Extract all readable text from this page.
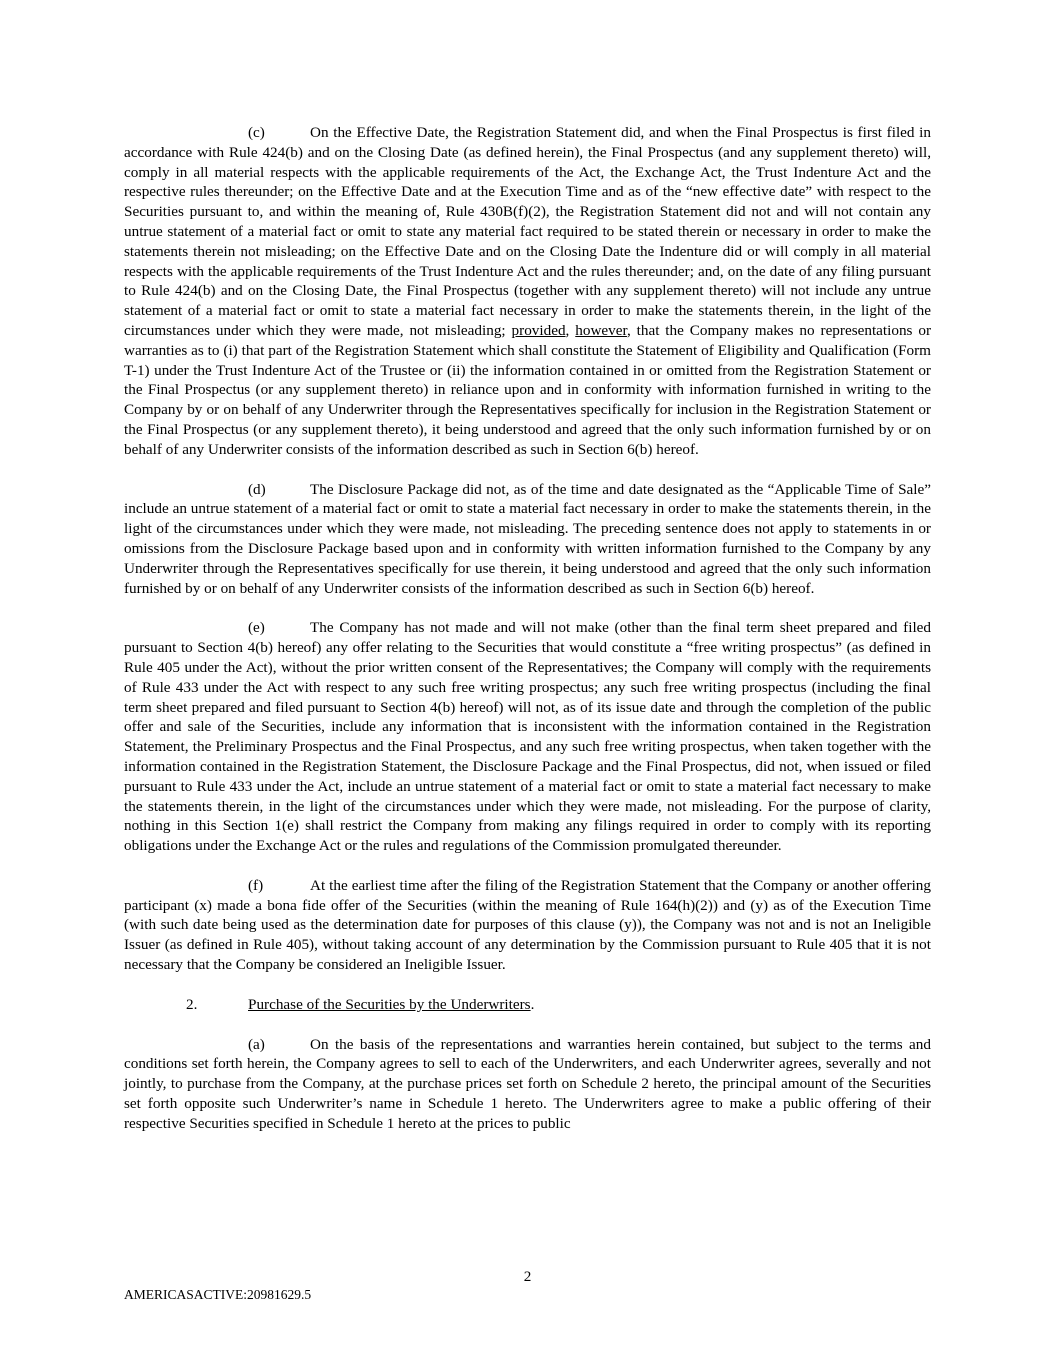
(c)	On the Effective Date, the Registration Statement did, and when the Final Prospectus is first filed in accordance with Rule 424(b) and on the Closing Date (as defined herein), the Final Prospectus (and any supplement thereto) will, comply in all material respects with the applicable requirements of the Act, the Exchange Act, the Trust Indenture Act and the respective rules thereunder; on the Effective Date and at the Execution Time and as of the “new effective date” with respect to the Securities pursuant to, and within the meaning of, Rule 430B(f)(2), the Registration Statement did not and will not contain any untrue statement of a material fact or omit to state any material fact required to be stated therein or necessary in order to make the statements therein not misleading; on the Effective Date and on the Closing Date the Indenture did or will comply in all material respects with the applicable requirements of the Trust Indenture Act and the rules thereunder; and, on the date of any filing pursuant to Rule 424(b) and on the Closing Date, the Final Prospectus (together with any supplement thereto) will not include any untrue statement of a material fact or omit to state a material fact necessary in order to make the statements therein, in the light of the circumstances under which they were made, not misleading; provided, however, that the Company makes no representations or warranties as to (i) that part of the Registration Statement which shall constitute the Statement of Eligibility and Qualification (Form T-1) under the Trust Indenture Act of the Trustee or (ii) the information contained in or omitted from the Registration Statement or the Final Prospectus (or any supplement thereto) in reliance upon and in conformity with information furnished in writing to the Company by or on behalf of any Underwriter through the Representatives specifically for inclusion in the Registration Statement or the Final Prospectus (or any supplement thereto), it being understood and agreed that the only such information furnished by or on behalf of any Underwriter consists of the information described as such in Section 6(b) hereof.

(d)	The Disclosure Package did not, as of the time and date designated as the “Applicable Time of Sale” include an untrue statement of a material fact or omit to state a material fact necessary in order to make the statements therein, in the light of the circumstances under which they were made, not misleading. The preceding sentence does not apply to statements in or omissions from the Disclosure Package based upon and in conformity with written information furnished to the Company by any Underwriter through the Representatives specifically for use therein, it being understood and agreed that the only such information furnished by or on behalf of any Underwriter consists of the information described as such in Section 6(b) hereof.

(e)	The Company has not made and will not make (other than the final term sheet prepared and filed pursuant to Section 4(b) hereof) any offer relating to the Securities that would constitute a “free writing prospectus” (as defined in Rule 405 under the Act), without the prior written consent of the Representatives; the Company will comply with the requirements of Rule 433 under the Act with respect to any such free writing prospectus; any such free writing prospectus (including the final term sheet prepared and filed pursuant to Section 4(b) hereof) will not, as of its issue date and through the completion of the public offer and sale of the Securities, include any information that is inconsistent with the information contained in the Registration Statement, the Preliminary Prospectus and the Final Prospectus, and any such free writing prospectus, when taken together with the information contained in the Registration Statement, the Disclosure Package and the Final Prospectus, did not, when issued or filed pursuant to Rule 433 under the Act, include an untrue statement of a material fact or omit to state a material fact necessary to make the statements therein, in the light of the circumstances under which they were made, not misleading. For the purpose of clarity, nothing in this Section 1(e) shall restrict the Company from making any filings required in order to comply with its reporting obligations under the Exchange Act or the rules and regulations of the Commission promulgated thereunder.

(f)	At the earliest time after the filing of the Registration Statement that the Company or another offering participant (x) made a bona fide offer of the Securities (within the meaning of Rule 164(h)(2)) and (y) as of the Execution Time (with such date being used as the determination date for purposes of this clause (y)), the Company was not and is not an Ineligible Issuer (as defined in Rule 405), without taking account of any determination by the Commission pursuant to Rule 405 that it is not necessary that the Company be considered an Ineligible Issuer.

2.	Purchase of the Securities by the Underwriters.

(a)	On the basis of the representations and warranties herein contained, but subject to the terms and conditions set forth herein, the Company agrees to sell to each of the Underwriters, and each Underwriter agrees, severally and not jointly, to purchase from the Company, at the purchase prices set forth on Schedule 2 hereto, the principal amount of the Securities set forth opposite such Underwriter’s name in Schedule 1 hereto. The Underwriters agree to make a public offering of their respective Securities specified in Schedule 1 hereto at the prices to public

2
AMERICASACTIVE:20981629.5
